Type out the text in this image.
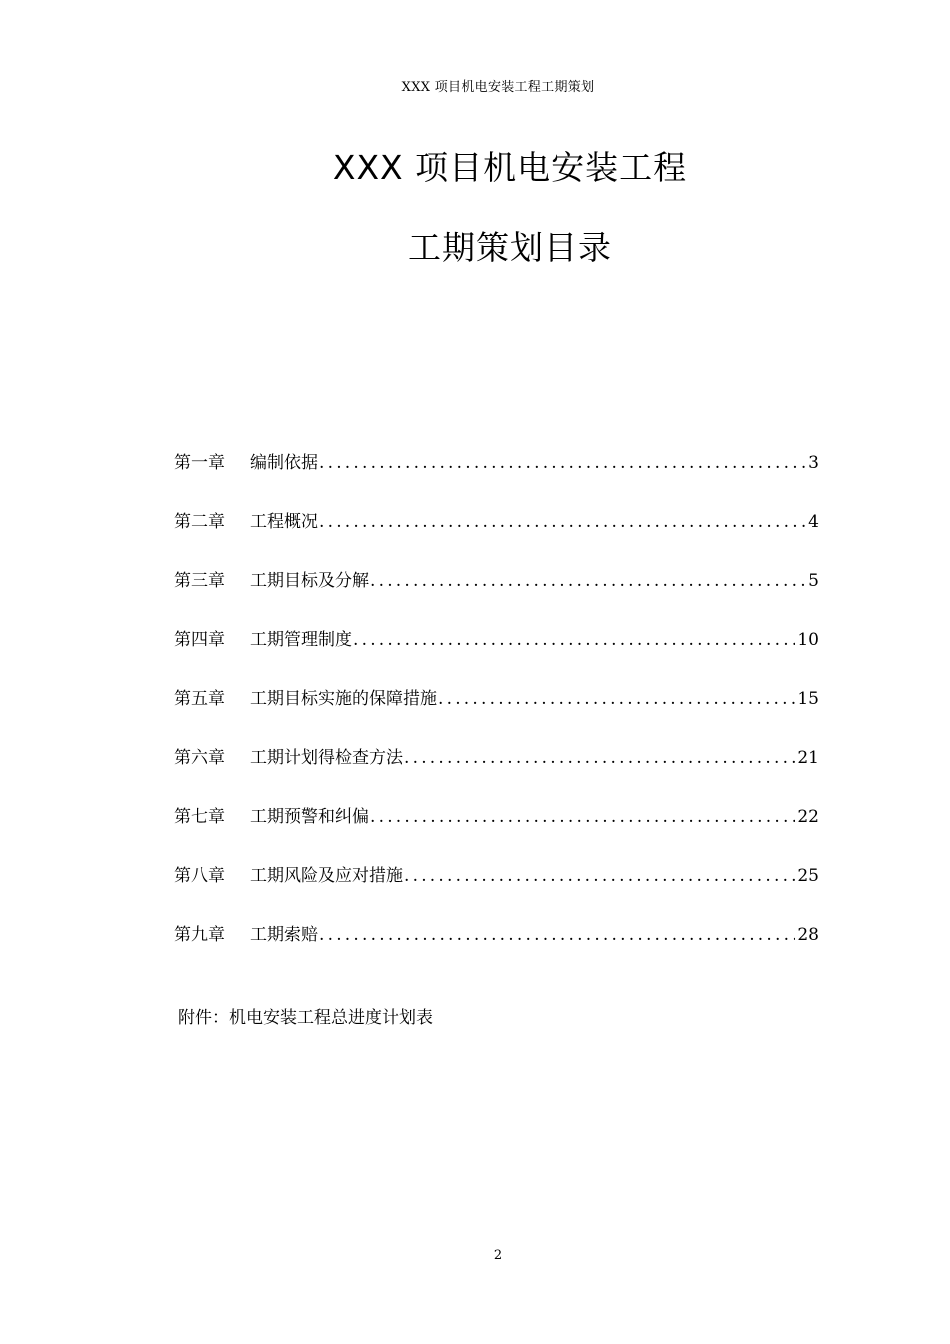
XXX 项目机电安装工程工期策划
XXX 项目机电安装工程
工期策划目录
第一章	编制依据 .....	3
第二章	工程概况 .....	4
第三章	工期目标及分解 .....	5
第四章	工期管理制度 .....	10
第五章	工期目标实施的保障措施 .....	15
第六章	工期计划得检查方法 .....	21
第七章	工期预警和纠偏 .....	22
第八章	工期风险及应对措施 .....	25
第九章	工期索赔 .....	28
附件：机电安装工程总进度计划表
2
